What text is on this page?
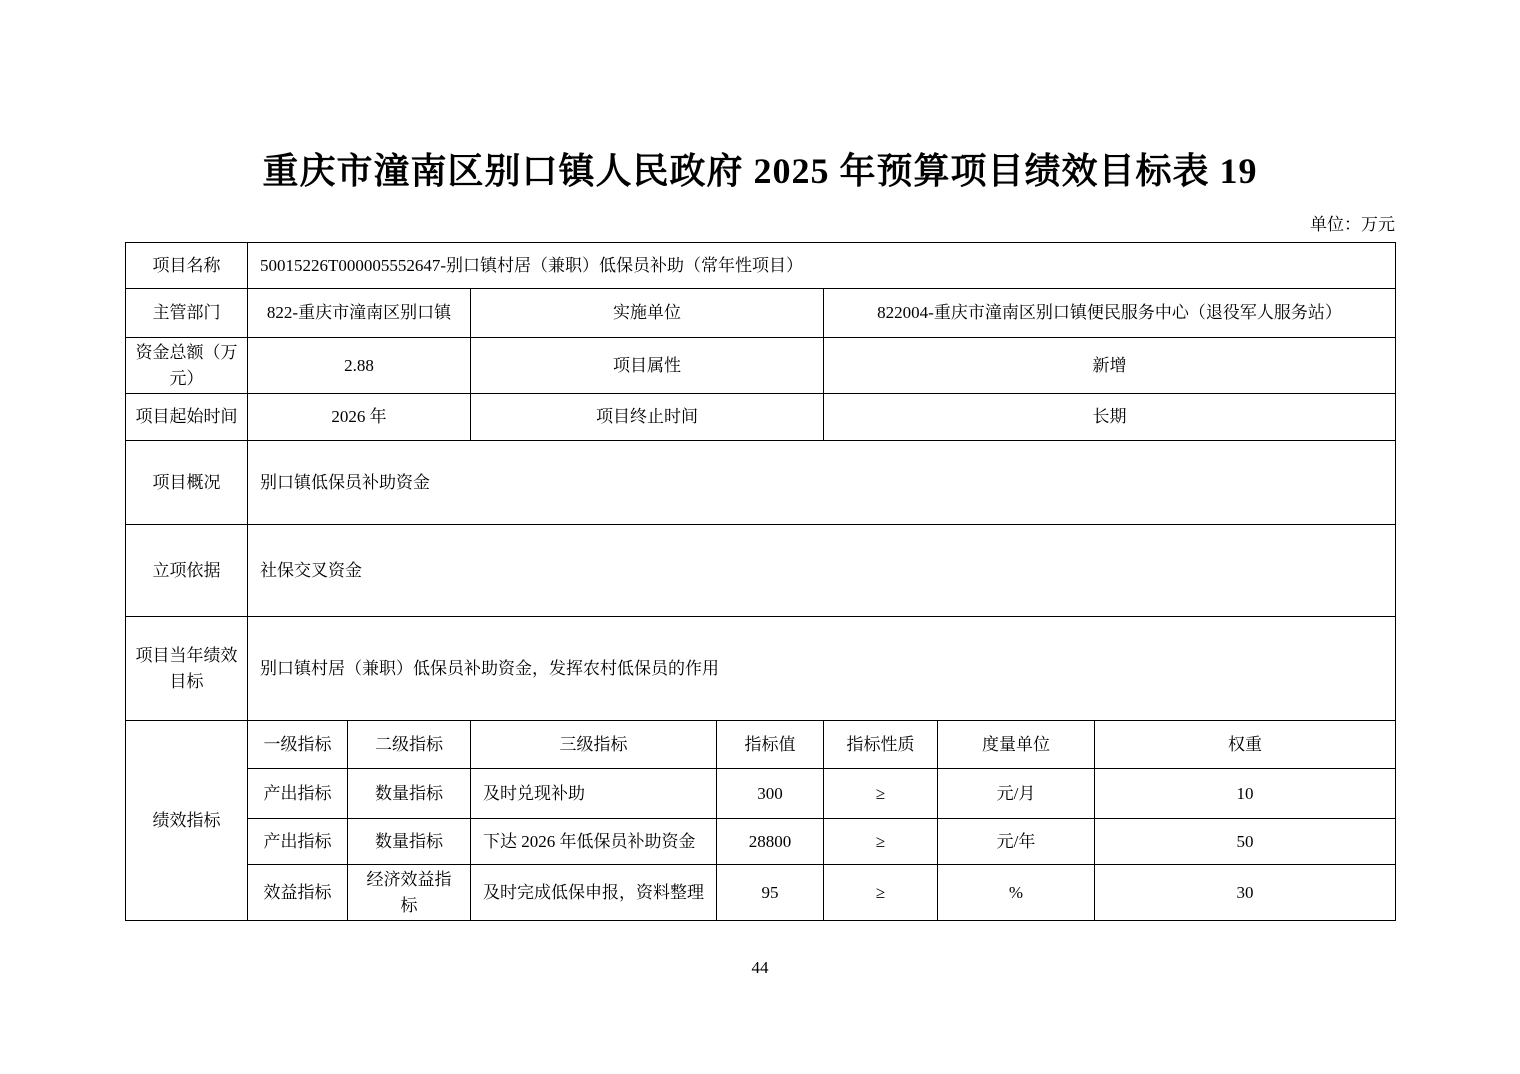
重庆市潼南区别口镇人民政府 2025 年预算项目绩效目标表 19
单位：万元
项目名称	50015226T000005552647-别口镇村居（兼职）低保员补助（常年性项目）						
主管部门	822-重庆市潼南区别口镇		实施单位		822004-重庆市潼南区别口镇便民服务中心（退役军人服务站）		
资金总额（万元）	2.88		项目属性		新增		
项目起始时间	2026 年		项目终止时间		长期		
项目概况	别口镇低保员补助资金						
立项依据	社保交叉资金						
项目当年绩效目标	别口镇村居（兼职）低保员补助资金，发挥农村低保员的作用						
绩效指标	一级指标	二级指标	三级指标	指标值	指标性质	度量单位	权重
	产出指标	数量指标	及时兑现补助	300	≥	元/月	10
	产出指标	数量指标	下达 2026 年低保员补助资金	28800	≥	元/年	50
	效益指标	经济效益指标	及时完成低保申报，资料整理	95	≥	%	30
44
